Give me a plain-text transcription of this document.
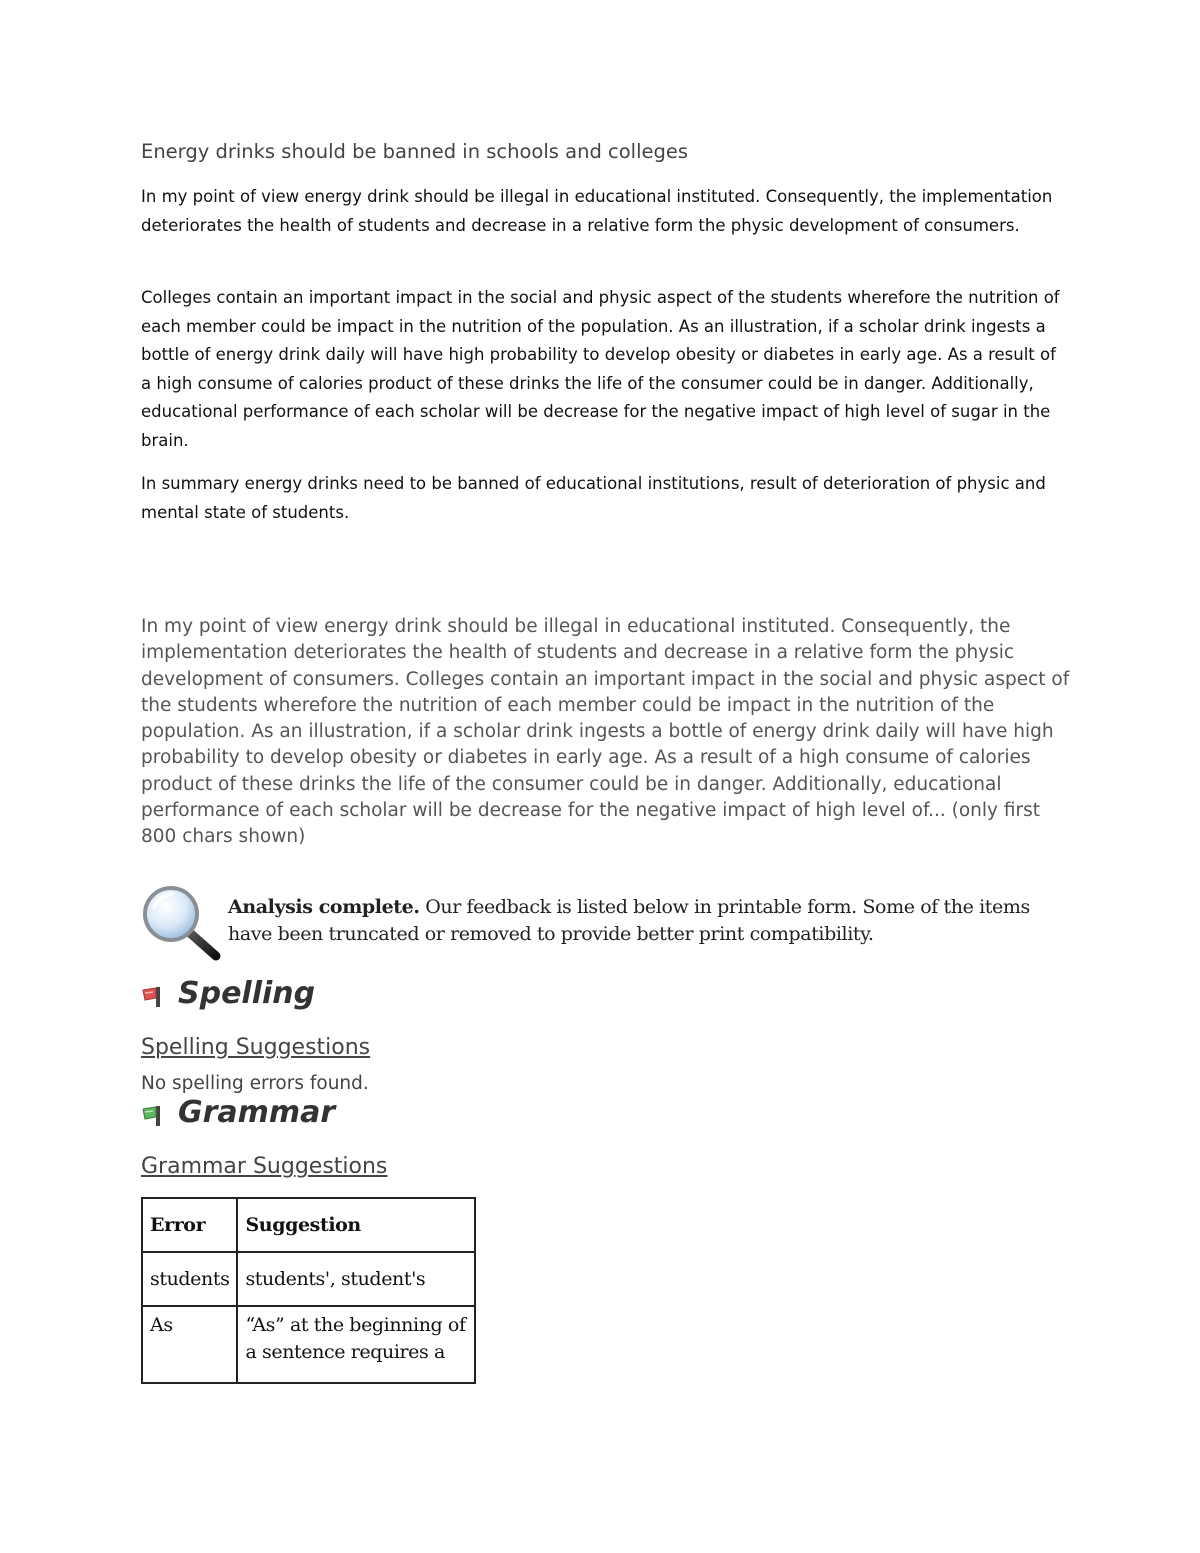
Energy drinks should be banned in schools and colleges
In my point of view energy drink should be illegal in educational instituted. Consequently, the implementation deteriorates the health of students and decrease in a relative form the physic development of consumers.
Colleges contain an important impact in the social and physic aspect of the students wherefore the nutrition of each member could be impact in the nutrition of the population. As an illustration, if a scholar drink ingests a bottle of energy drink daily will have high probability to develop obesity or diabetes in early age. As a result of a high consume of calories product of these drinks the life of the consumer could be in danger. Additionally, educational performance of each scholar will be decrease for the negative impact of high level of sugar in the brain.
In summary energy drinks need to be banned of educational institutions, result of deterioration of physic and mental state of students.
In my point of view energy drink should be illegal in educational instituted. Consequently, the implementation deteriorates the health of students and decrease in a relative form the physic development of consumers. Colleges contain an important impact in the social and physic aspect of the students wherefore the nutrition of each member could be impact in the nutrition of the population. As an illustration, if a scholar drink ingests a bottle of energy drink daily will have high probability to develop obesity or diabetes in early age. As a result of a high consume of calories product of these drinks the life of the consumer could be in danger. Additionally, educational performance of each scholar will be decrease for the negative impact of high level of... (only first 800 chars shown)
Analysis complete. Our feedback is listed below in printable form. Some of the items have been truncated or removed to provide better print compatibility.
Spelling
Spelling Suggestions
No spelling errors found.
Grammar
Grammar Suggestions
Error	Suggestion
students	students', student's
As	“As” at the beginning of a sentence requires a
